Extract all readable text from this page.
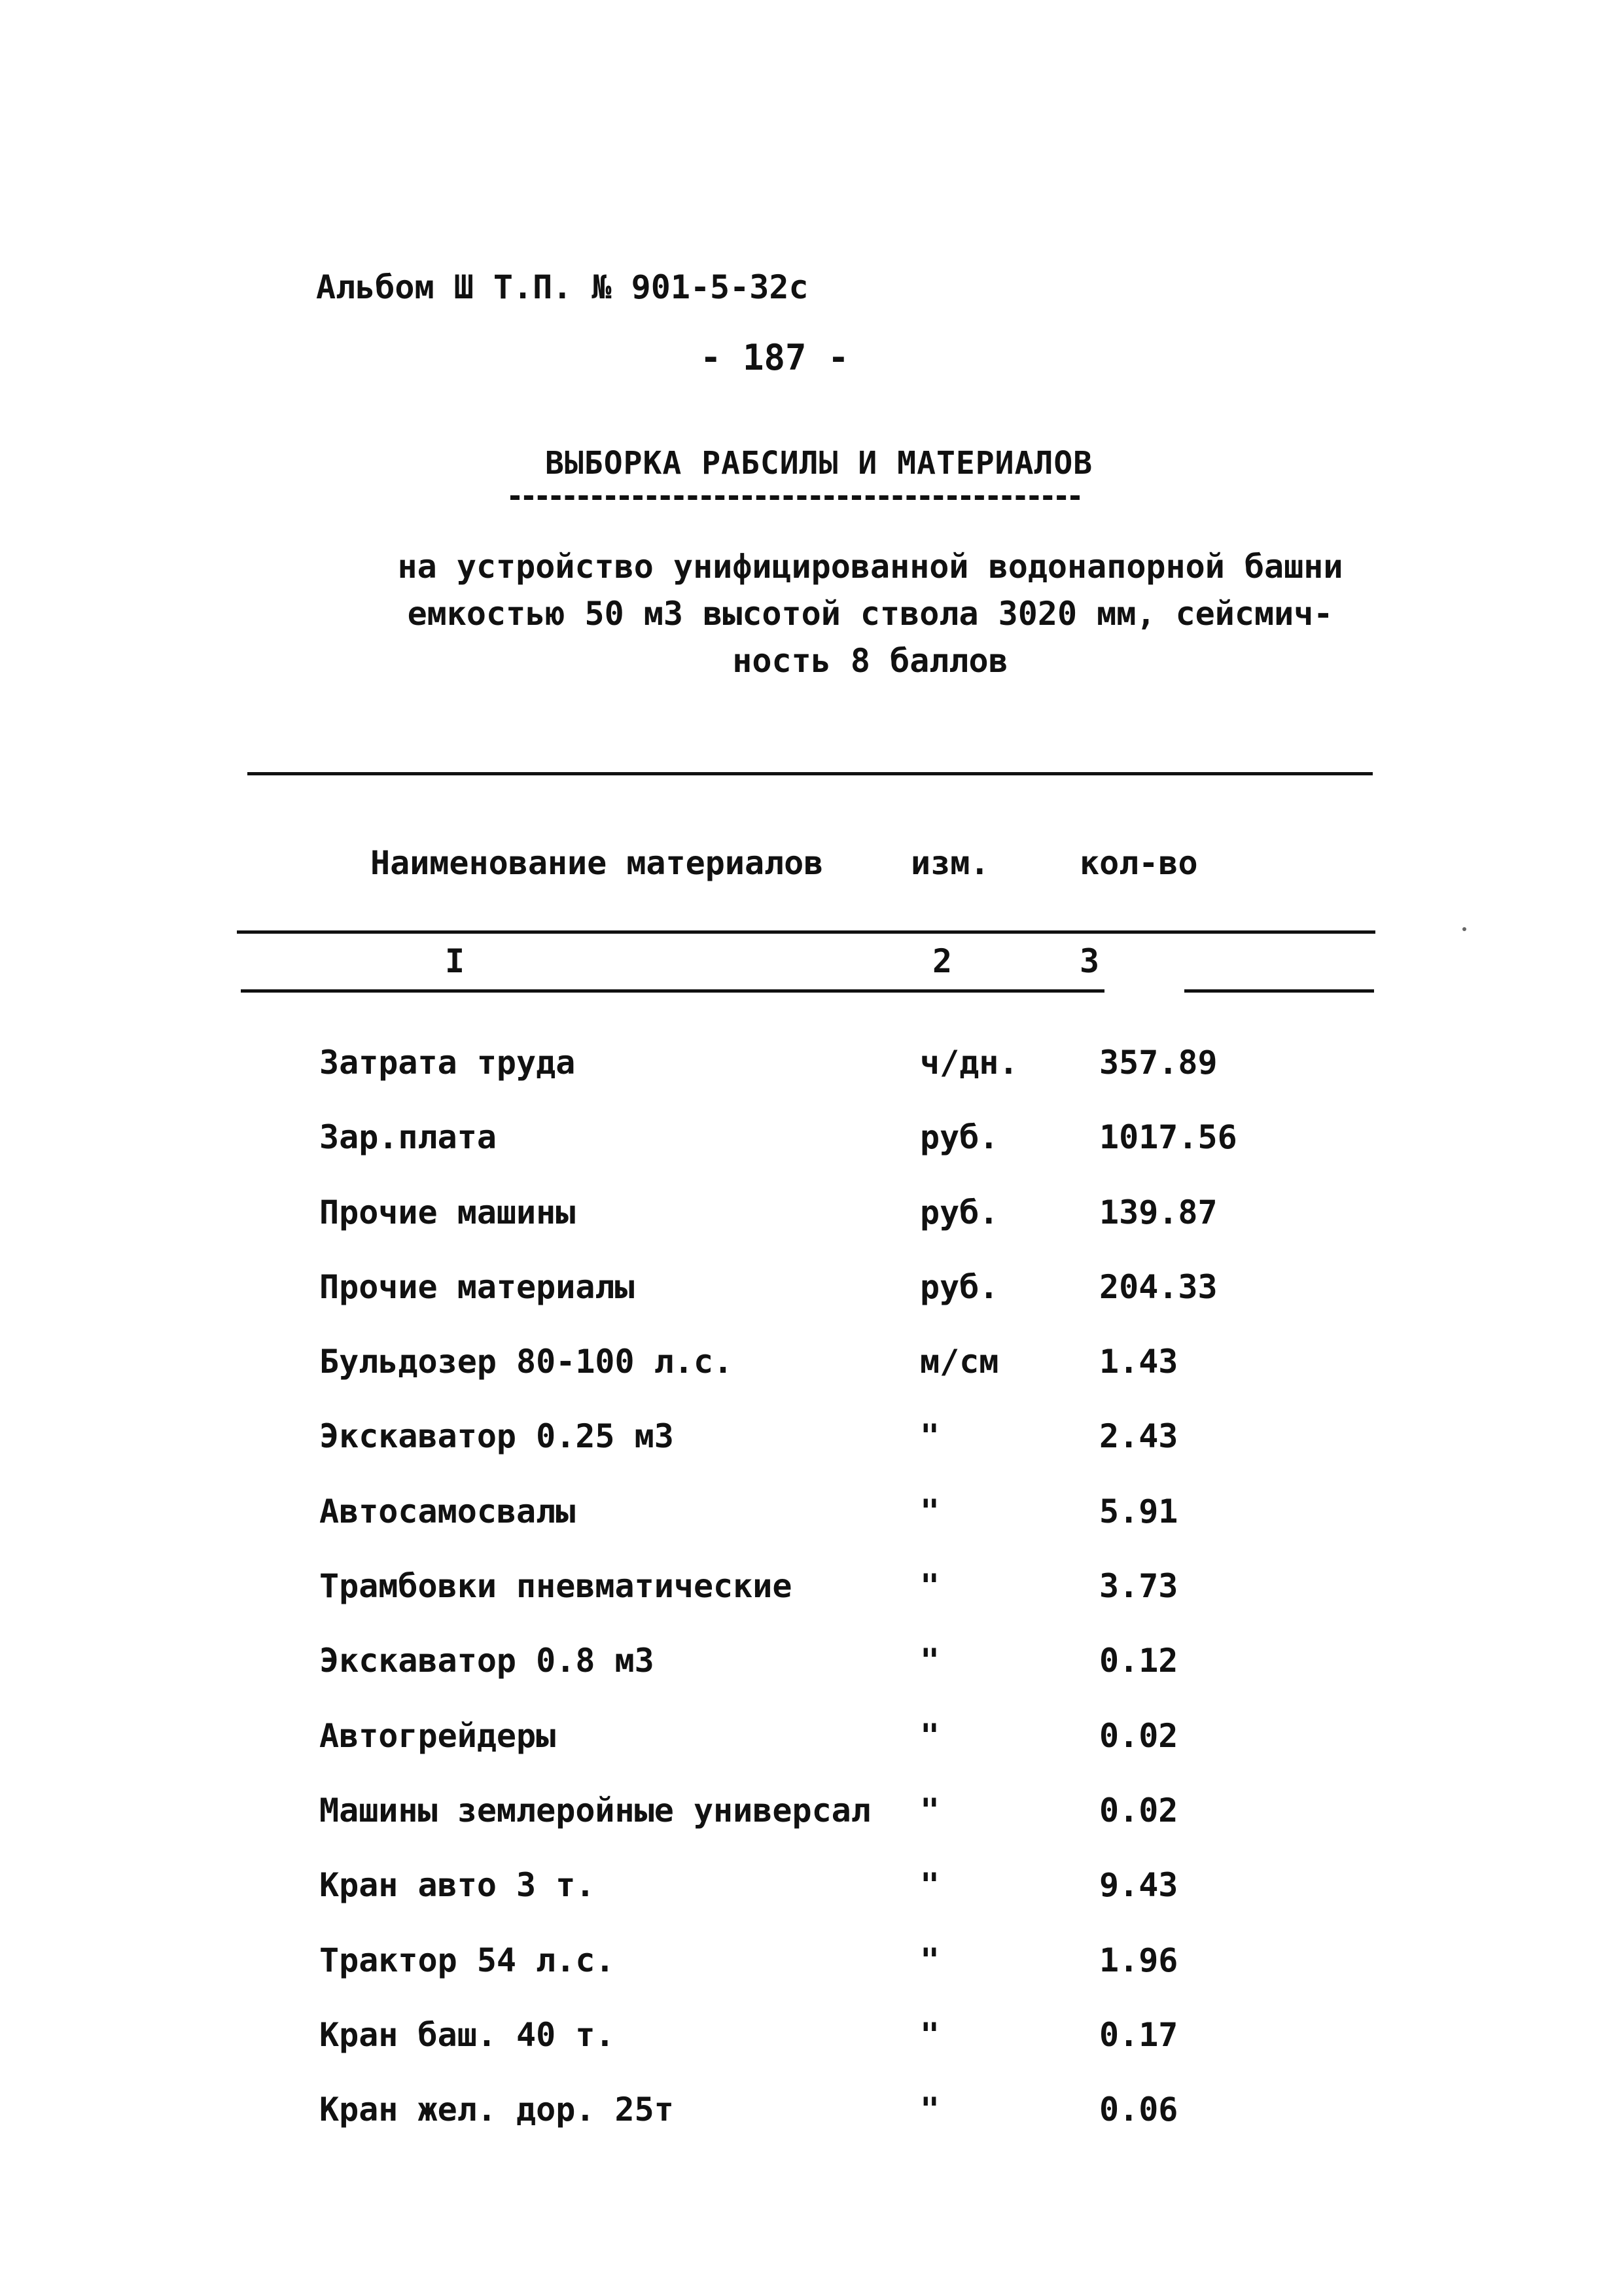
Альбом Ш Т.П. № 901-5-32с
- 187 -
ВЫБОРКА РАБСИЛЫ И МАТЕРИАЛОВ
на устройство унифицированной водонапорной башни
емкостью 50 м3 высотой ствола 3020 мм, сейсмич-
ность 8 баллов
Наименование материалов	изм.	кол-во
I	2	3
Затрата труда	ч/дн. 357.89
Зар.плата	руб.	1017.56
Прочие машины	руб.	139.87
Прочие материалы	руб.	204.33
Бульдозер 80-100 л.с.	м/см	1.43
Экскаватор 0.25 м3	"	2.43
Автосамосвалы	"	5.91
Трамбовки пневматические	"	3.73
Экскаватор 0.8 м3	"	0.12
Автогрейдеры	"	0.02
Машины землеройные универсал "	0.02
Кран авто 3 т.	"	9.43
Трактор 54 л.с.	"	1.96
Кран баш. 40 т.	"	0.17
Кран жел. дор. 25т	"	0.06
